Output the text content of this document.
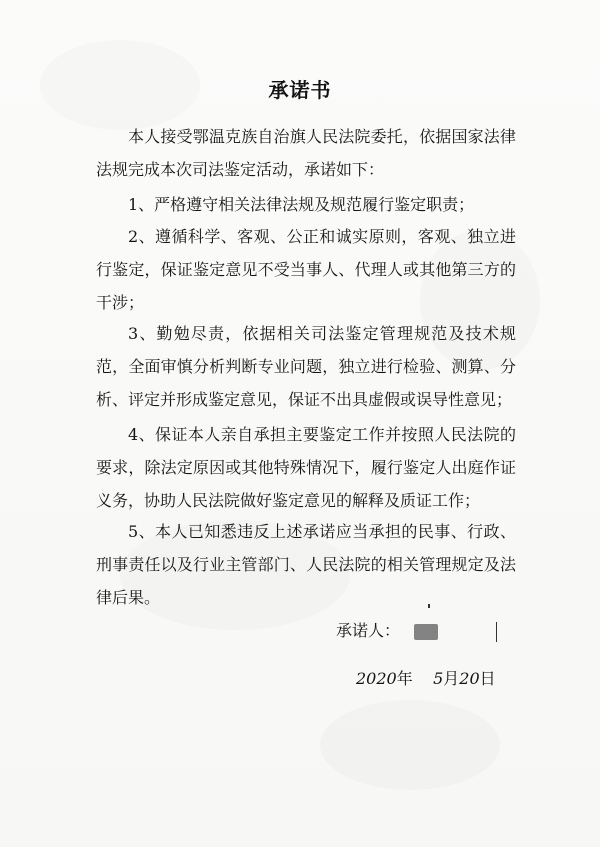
承诺书
本人接受鄂温克族自治旗人民法院委托，依据国家法律法规完成本次司法鉴定活动，承诺如下：
1、严格遵守相关法律法规及规范履行鉴定职责；
2、遵循科学、客观、公正和诚实原则，客观、独立进行鉴定，保证鉴定意见不受当事人、代理人或其他第三方的干涉；
3、勤勉尽责，依据相关司法鉴定管理规范及技术规范，全面审慎分析判断专业问题，独立进行检验、测算、分析、评定并形成鉴定意见，保证不出具虚假或误导性意见；
4、保证本人亲自承担主要鉴定工作并按照人民法院的要求，除法定原因或其他特殊情况下，履行鉴定人出庭作证义务，协助人民法院做好鉴定意见的解释及质证工作；
5、本人已知悉违反上述承诺应当承担的民事、行政、刑事责任以及行业主管部门、人民法院的相关管理规定及法律后果。
承诺人：
2020年 5月20日
